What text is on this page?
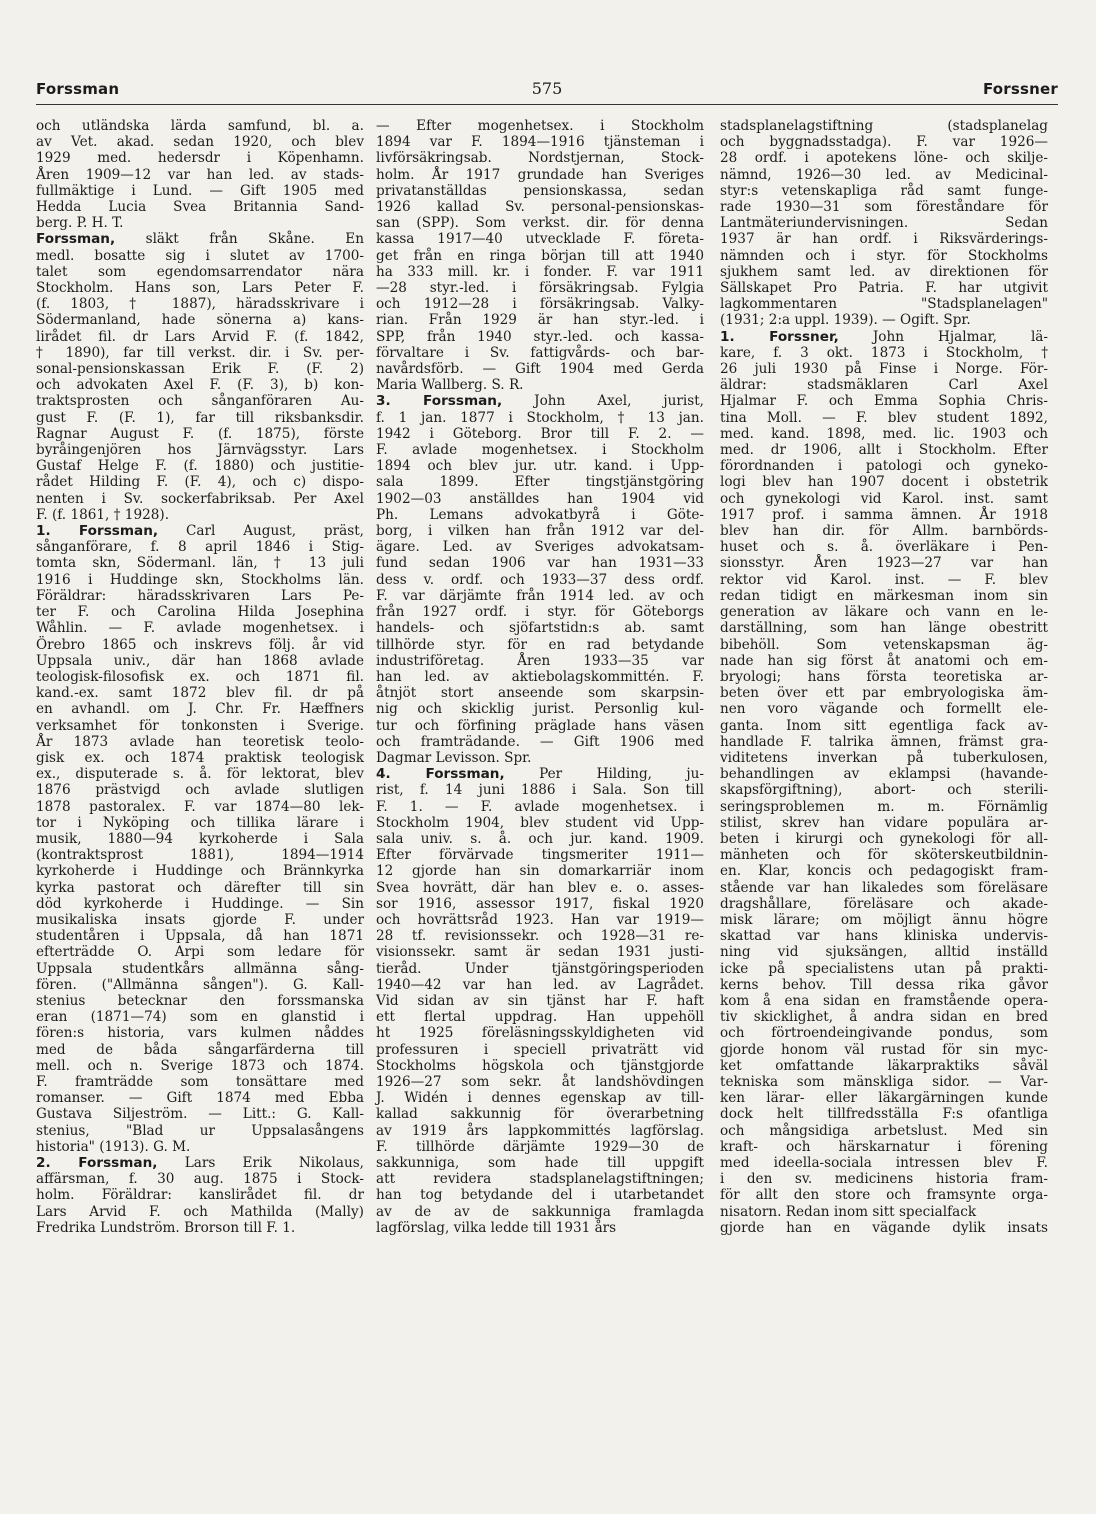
Forssman	575	Forssner
och utländska lärda samfund, bl. a.
av Vet. akad. sedan 1920, och blev
1929 med. hedersdr i Köpenhamn.
Åren 1909—12 var han led. av stads-
fullmäktige i Lund. — Gift 1905 med
Hedda Lucia Svea Britannia Sand-
berg. P. H. T.
Forssman, släkt från Skåne. En
medl. bosatte sig i slutet av 1700-
talet som egendomsarrendator nära
Stockholm. Hans son, Lars Peter F.
(f. 1803, † 1887), häradsskrivare i
Södermanland, hade sönerna a) kans-
lirådet fil. dr Lars Arvid F. (f. 1842,
† 1890), far till verkst. dir. i Sv. per-
sonal-pensionskassan Erik F. (F. 2)
och advokaten Axel F. (F. 3), b) kon-
traktsprosten och sånganföraren Au-
gust F. (F. 1), far till riksbanksdir.
Ragnar August F. (f. 1875), förste
byråingenjören hos Järnvägsstyr. Lars
Gustaf Helge F. (f. 1880) och justitie-
rådet Hilding F. (F. 4), och c) dispo-
nenten i Sv. sockerfabriksab. Per Axel
F. (f. 1861, † 1928).
1. Forssman, Carl August, präst,
sånganförare, f. 8 april 1846 i Stig-
tomta skn, Södermanl. län, † 13 juli
1916 i Huddinge skn, Stockholms län.
Föräldrar: häradsskrivaren Lars Pe-
ter F. och Carolina Hilda Josephina
Wåhlin. — F. avlade mogenhetsex. i
Örebro 1865 och inskrevs följ. år vid
Uppsala univ., där han 1868 avlade
teologisk-filosofisk ex. och 1871 fil.
kand.-ex. samt 1872 blev fil. dr på
en avhandl. om J. Chr. Fr. Hæffners
verksamhet för tonkonsten i Sverige.
År 1873 avlade han teoretisk teolo-
gisk ex. och 1874 praktisk teologisk
ex., disputerade s. å. för lektorat, blev
1876 prästvigd och avlade slutligen
1878 pastoralex. F. var 1874—80 lek-
tor i Nyköping och tillika lärare i
musik, 1880—94 kyrkoherde i Sala
(kontraktsprost 1881), 1894—1914
kyrkoherde i Huddinge och Brännkyrka
kyrka pastorat och därefter till sin
död kyrkoherde i Huddinge. — Sin
musikaliska insats gjorde F. under
studentåren i Uppsala, då han 1871
efterträdde O. Arpi som ledare för
Uppsala studentkårs allmänna sång-
fören. ("Allmänna sången"). G. Kall-
stenius betecknar den forssmanska
eran (1871—74) som en glanstid i
fören:s historia, vars kulmen nåddes
med de båda sångarfärderna till
mell. och n. Sverige 1873 och 1874.
F. framträdde som tonsättare med
romanser. — Gift 1874 med Ebba
Gustava Siljeström. — Litt.: G. Kall-
stenius, "Blad ur Uppsalasångens
historia" (1913). G. M.
2. Forssman, Lars Erik Nikolaus,
affärsman, f. 30 aug. 1875 i Stock-
holm. Föräldrar: kanslirådet fil. dr
Lars Arvid F. och Mathilda (Mally)
Fredrika Lundström. Brorson till F. 1.
— Efter mogenhetsex. i Stockholm
1894 var F. 1894—1916 tjänsteman i
livförsäkringsab. Nordstjernan, Stock-
holm. År 1917 grundade han Sveriges
privatanställdas pensionskassa, sedan
1926 kallad Sv. personal-pensionskas-
san (SPP). Som verkst. dir. för denna
kassa 1917—40 utvecklade F. företa-
get från en ringa början till att 1940
ha 333 mill. kr. i fonder. F. var 1911
—28 styr.-led. i försäkringsab. Fylgia
och 1912—28 i försäkringsab. Valky-
rian. Från 1929 är han styr.-led. i
SPP, från 1940 styr.-led. och kassa-
förvaltare i Sv. fattigvårds- och bar-
navårdsförb. — Gift 1904 med Gerda
Maria Wallberg. S. R.
3. Forssman, John Axel, jurist,
f. 1 jan. 1877 i Stockholm, † 13 jan.
1942 i Göteborg. Bror till F. 2. —
F. avlade mogenhetsex. i Stockholm
1894 och blev jur. utr. kand. i Upp-
sala 1899. Efter tingstjänstgöring
1902—03 anställdes han 1904 vid
Ph. Lemans advokatbyrå i Göte-
borg, i vilken han från 1912 var del-
ägare. Led. av Sveriges advokatsam-
fund sedan 1906 var han 1931—33
dess v. ordf. och 1933—37 dess ordf.
F. var därjämte från 1914 led. av och
från 1927 ordf. i styr. för Göteborgs
handels- och sjöfartstidn:s ab. samt
tillhörde styr. för en rad betydande
industriföretag. Åren 1933—35 var
han led. av aktiebolagskommittén. F.
åtnjöt stort anseende som skarpsin-
nig och skicklig jurist. Personlig kul-
tur och förfining präglade hans väsen
och framträdande. — Gift 1906 med
Dagmar Levisson. Spr.
4. Forssman, Per Hilding, ju-
rist, f. 14 juni 1886 i Sala. Son till
F. 1. — F. avlade mogenhetsex. i
Stockholm 1904, blev student vid Upp-
sala univ. s. å. och jur. kand. 1909.
Efter förvärvade tingsmeriter 1911—
12 gjorde han sin domarkarriär inom
Svea hovrätt, där han blev e. o. asses-
sor 1916, assessor 1917, fiskal 1920
och hovrättsråd 1923. Han var 1919—
28 tf. revisionssekr. och 1928—31 re-
visionssekr. samt är sedan 1931 justi-
tieråd. Under tjänstgöringsperioden
1940—42 var han led. av Lagrådet.
Vid sidan av sin tjänst har F. haft
ett flertal uppdrag. Han uppehöll
ht 1925 föreläsningsskyldigheten vid
professuren i speciell privaträtt vid
Stockholms högskola och tjänstgjorde
1926—27 som sekr. åt landshövdingen
J. Widén i dennes egenskap av till-
kallad sakkunnig för överarbetning
av 1919 års lappkommittés lagförslag.
F. tillhörde därjämte 1929—30 de
sakkunniga, som hade till uppgift
att revidera stadsplanelagstiftningen;
han tog betydande del i utarbetandet
av de av de sakkunniga framlagda
lagförslag, vilka ledde till 1931 års
stadsplanelagstiftning (stadsplanelag
och byggnadsstadga). F. var 1926—
28 ordf. i apotekens löne- och skilje-
nämnd, 1926—30 led. av Medicinal-
styr:s vetenskapliga råd samt funge-
rade 1930—31 som föreståndare för
Lantmäteriundervisningen. Sedan
1937 är han ordf. i Riksvärderings-
nämnden och i styr. för Stockholms
sjukhem samt led. av direktionen för
Sällskapet Pro Patria. F. har utgivit
lagkommentaren "Stadsplanelagen"
(1931; 2:a uppl. 1939). — Ogift. Spr.
1. Forssner, John Hjalmar, lä-
kare, f. 3 okt. 1873 i Stockholm, †
26 juli 1930 på Finse i Norge. För-
äldrar: stadsmäklaren Carl Axel
Hjalmar F. och Emma Sophia Chris-
tina Moll. — F. blev student 1892,
med. kand. 1898, med. lic. 1903 och
med. dr 1906, allt i Stockholm. Efter
förordnanden i patologi och gyneko-
logi blev han 1907 docent i obstetrik
och gynekologi vid Karol. inst. samt
1917 prof. i samma ämnen. År 1918
blev han dir. för Allm. barnbörds-
huset och s. å. överläkare i Pen-
sionsstyr. Åren 1923—27 var han
rektor vid Karol. inst. — F. blev
redan tidigt en märkesman inom sin
generation av läkare och vann en le-
darställning, som han länge obestritt
bibehöll. Som vetenskapsman äg-
nade han sig först åt anatomi och em-
bryologi; hans första teoretiska ar-
beten över ett par embryologiska äm-
nen voro vägande och formellt ele-
ganta. Inom sitt egentliga fack av-
handlade F. talrika ämnen, främst gra-
viditetens inverkan på tuberkulosen,
behandlingen av eklampsi (havande-
skapsförgiftning), abort- och sterili-
seringsproblemen m. m. Förnämlig
stilist, skrev han vidare populära ar-
beten i kirurgi och gynekologi för all-
mänheten och för sköterskeutbildnin-
en. Klar, koncis och pedagogiskt fram-
stående var han likaledes som föreläsare
dragshållare, föreläsare och akade-
misk lärare; om möjligt ännu högre
skattad var hans kliniska undervis-
ning vid sjuksängen, alltid inställd
icke på specialistens utan på prakti-
kerns behov. Till dessa rika gåvor
kom å ena sidan en framstående opera-
tiv skicklighet, å andra sidan en bred
och förtroendeingivande pondus, som
gjorde honom väl rustad för sin myc-
ket omfattande läkarpraktiks såväl
tekniska som mänskliga sidor. — Var-
ken lärar- eller läkargärningen kunde
dock helt tillfredsställa F:s ofantliga
och mångsidiga arbetslust. Med sin
kraft- och härskarnatur i förening
med ideella-sociala intressen blev F.
i den sv. medicinens historia fram-
för allt den store och framsynte orga-
nisatorn. Redan inom sitt specialfack
gjorde han en vägande dylik insats
